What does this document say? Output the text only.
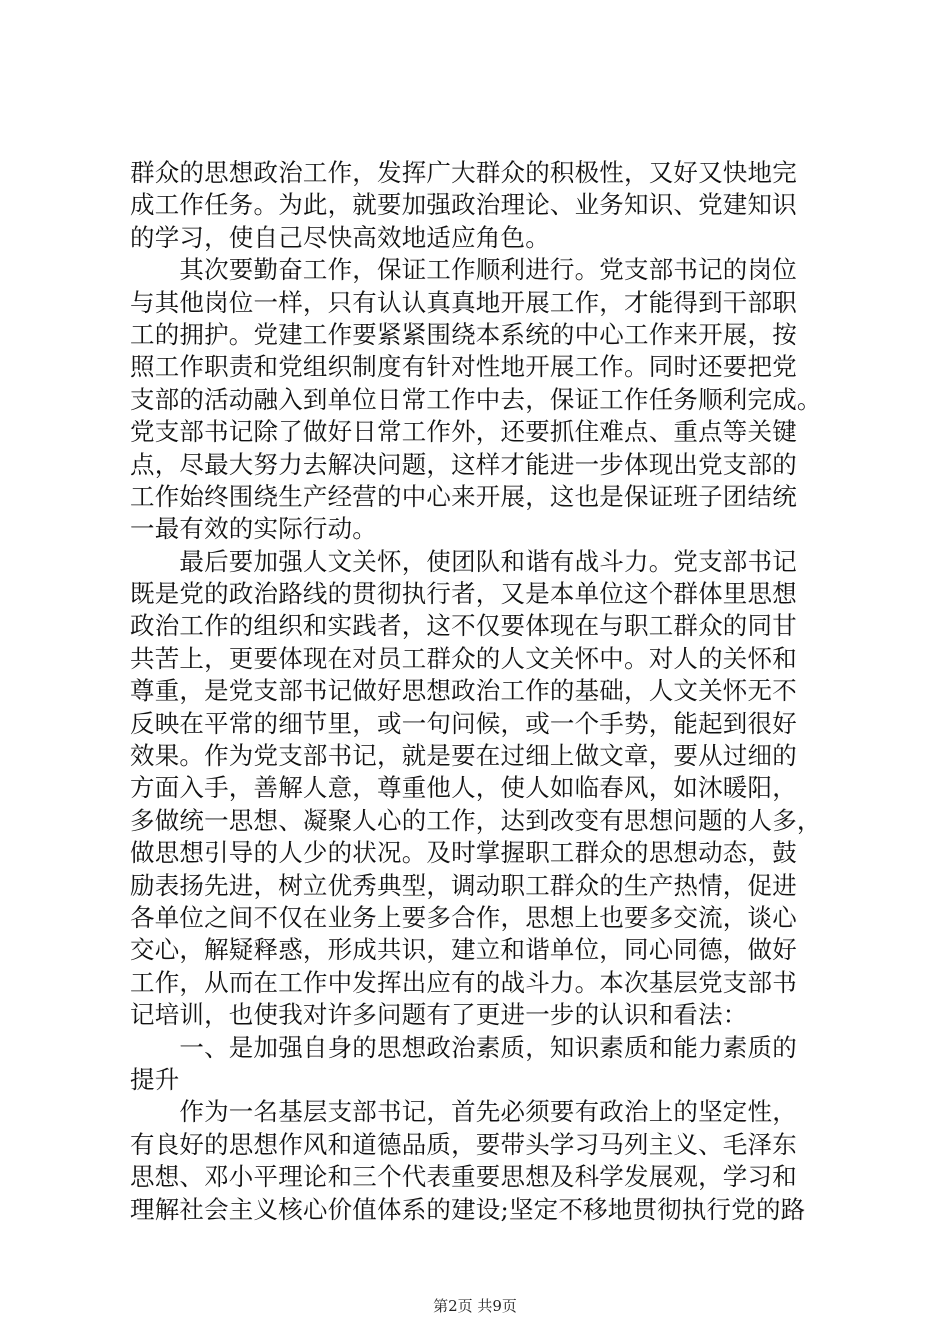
群众的思想政治工作，发挥广大群众的积极性，又好又快地完
成工作任务。为此，就要加强政治理论、业务知识、党建知识
的学习，使自己尽快高效地适应角色。
　　其次要勤奋工作，保证工作顺利进行。党支部书记的岗位
与其他岗位一样，只有认认真真地开展工作，才能得到干部职
工的拥护。党建工作要紧紧围绕本系统的中心工作来开展，按
照工作职责和党组织制度有针对性地开展工作。同时还要把党
支部的活动融入到单位日常工作中去，保证工作任务顺利完成。
党支部书记除了做好日常工作外，还要抓住难点、重点等关键
点，尽最大努力去解决问题，这样才能进一步体现出党支部的
工作始终围绕生产经营的中心来开展，这也是保证班子团结统
一最有效的实际行动。
　　最后要加强人文关怀，使团队和谐有战斗力。党支部书记
既是党的政治路线的贯彻执行者，又是本单位这个群体里思想
政治工作的组织和实践者，这不仅要体现在与职工群众的同甘
共苦上，更要体现在对员工群众的人文关怀中。对人的关怀和
尊重，是党支部书记做好思想政治工作的基础，人文关怀无不
反映在平常的细节里，或一句问候，或一个手势，能起到很好
效果。作为党支部书记，就是要在过细上做文章，要从过细的
方面入手，善解人意，尊重他人，使人如临春风，如沐暖阳，
多做统一思想、凝聚人心的工作，达到改变有思想问题的人多，
做思想引导的人少的状况。及时掌握职工群众的思想动态，鼓
励表扬先进，树立优秀典型，调动职工群众的生产热情，促进
各单位之间不仅在业务上要多合作，思想上也要多交流，谈心
交心，解疑释惑，形成共识，建立和谐单位，同心同德，做好
工作，从而在工作中发挥出应有的战斗力。本次基层党支部书
记培训，也使我对许多问题有了更进一步的认识和看法：
　　一、是加强自身的思想政治素质，知识素质和能力素质的
提升
　　作为一名基层支部书记，首先必须要有政治上的坚定性，
有良好的思想作风和道德品质，要带头学习马列主义、毛泽东
思想、邓小平理论和三个代表重要思想及科学发展观，学习和
理解社会主义核心价值体系的建设;坚定不移地贯彻执行党的路
第2页 共9页
